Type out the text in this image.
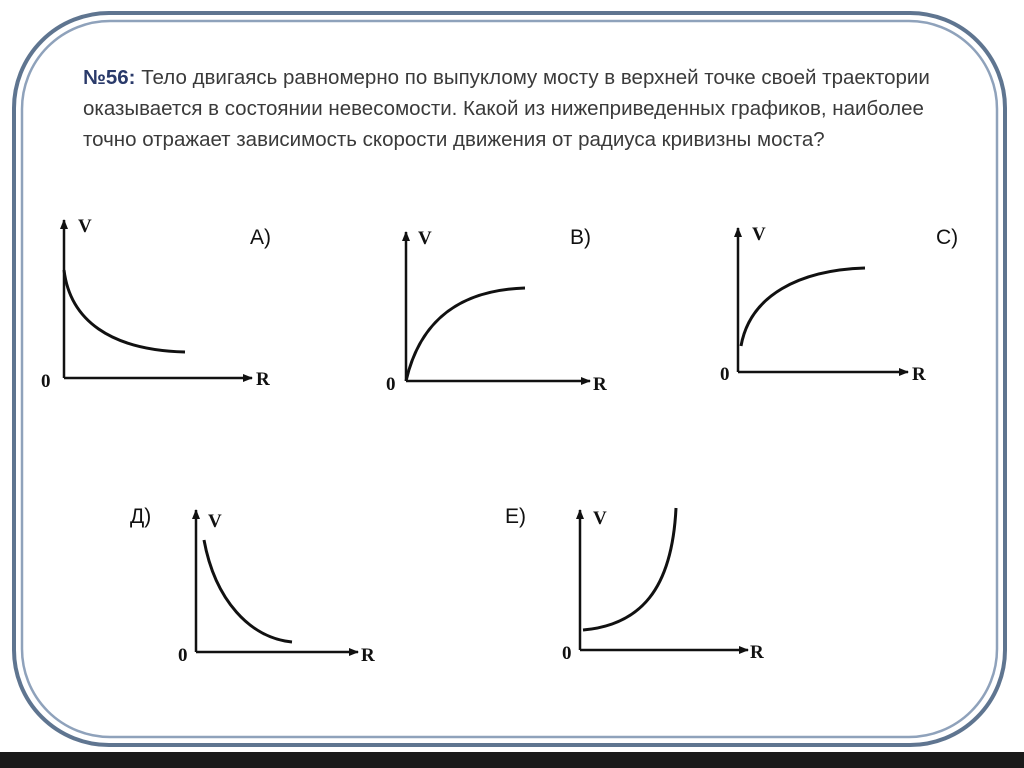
V
R
0
V
R
0
V
R
0
V
R
0
V
R
0
№56: Тело двигаясь равномерно по выпуклому мосту в верхней точке своей траектории оказывается в состоянии невесомости. Какой из нижеприведенных графиков, наиболее точно отражает зависимость скорости движения от радиуса кривизны моста?
А)	В)	С)
Д)	Е)
